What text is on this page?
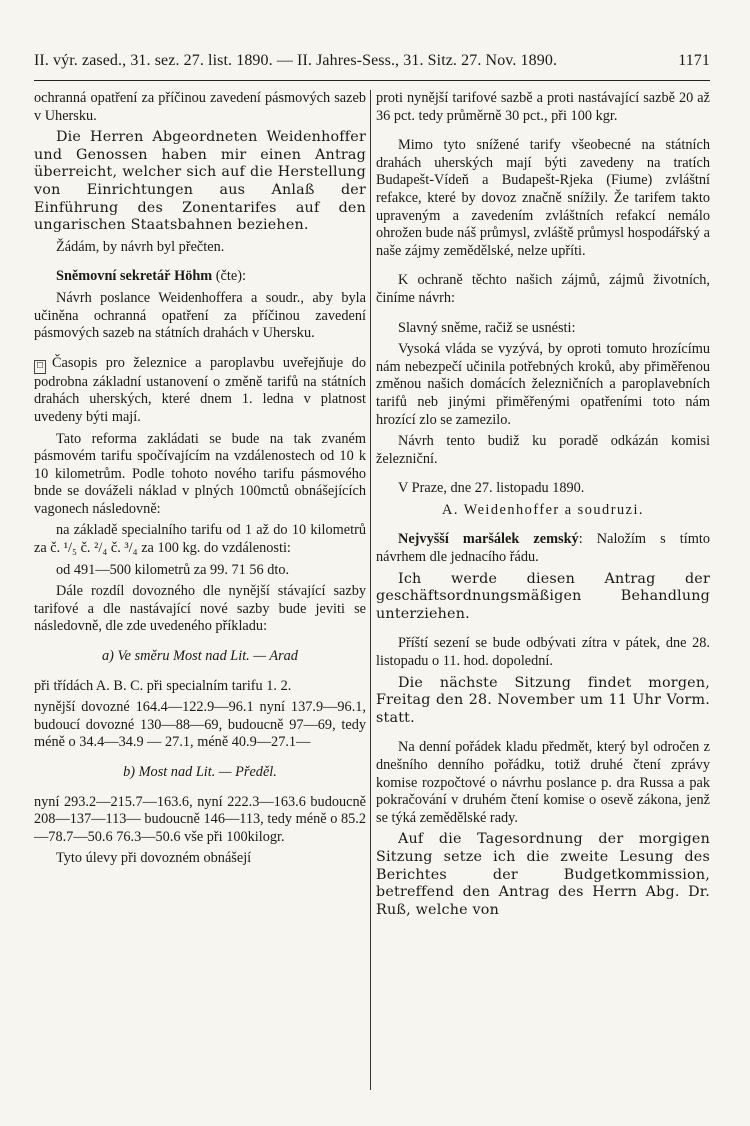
II. výr. zased., 31. sez. 27. list. 1890. — II. Jahres-Sess., 31. Sitz. 27. Nov. 1890.	1171

ochranná opatření za příčinou zavedení pásmových sazeb v Uhersku.

Die Herren Abgeordneten Weidenhoffer und Genossen haben mir einen Antrag überreicht, welcher sich auf die Herstellung von Einrichtungen aus Anlaß der Einführung des Zonentarifes auf den ungarischen Staatsbahnen beziehen.

Žádám, by návrh byl přečten.

Sněmovní sekretář Höhm (čte):

Návrh poslance Weidenhoffera a soudr., aby byla učiněna ochranná opatření za příčinou zavedení pásmových sazeb na státních drahách v Uhersku.

☐ Časopis pro železnice a paroplavbu uveřejňuje do podrobna základní ustanovení o změně tarifů na státních drahách uherských, které dnem 1. ledna v platnost uvedeny býti mají.

Tato reforma zakládati se bude na tak zvaném pásmovém tarifu spočívajícím na vzdálenostech od 10 k 10 kilometrům. Podle tohoto nového tarifu pásmového bnde se dováželi náklad v plných 100mctů obnášejících vagonech následovně:

na základě specialního tarifu od 1 až do 10 kilometrů za č. ¹/₅ č. ²/₄ č. ³/₄ za 100 kg. do vzdálenosti:

od 491—500 kilometrů za 99. 71 56 dto.

Dále rozdíl dovozného dle nynější stávající sazby tarifové a dle nastávající nové sazby bude jeviti se následovně, dle zde uvedeného příkladu:

a) Ve směru Most nad Lit. — Arad

při třídách A. B. C. při specialním tarifu 1. 2.

nynější dovozné 164.4—122.9—96.1 nyní 137.9—96.1, budoucí dovozné 130—88—69, budoucně 97—69, tedy méně o 34.4—34.9 — 27.1, méně 40.9—27.1—

b) Most nad Lit. — Předěl.

nyní 293.2—215.7—163.6, nyní 222.3—163.6 budoucně 208—137—113— budoucně 146—113, tedy méně o 85.2—78.7—50.6 76.3—50.6 vše při 100kilogr.

Tyto úlevy při dovozném obnášejí

proti nynější tarifové sazbě a proti nastávající sazbě 20 až 36 pct. tedy průměrně 30 pct., při 100 kgr.

Mimo tyto snížené tarify všeobecné na státních drahách uherských mají býti zavedeny na tratích Budapešt-Vídeň a Budapešt-Rjeka (Fiume) zvláštní refakce, které by dovoz značně snížily. Že tarifem takto upraveným a zavedením zvláštních refakcí nemálo ohrožen bude náš průmysl, zvláště průmysl hospodářský a naše zájmy zemědělské, nelze upříti.

K ochraně těchto našich zájmů, zájmů životních, činíme návrh:

Slavný sněme, račiž se usnésti:

Vysoká vláda se vyzývá, by oproti tomuto hrozícímu nám nebezpečí učinila potřebných kroků, aby přiměřenou změnou našich domácích železničních a paroplavebních tarifů neb jinými přiměřenými opatřeními toto nám hrozící zlo se zamezilo.

Návrh tento budiž ku poradě odkázán komisi železniční.

V Praze, dne 27. listopadu 1890.

A. Weidenhoffer a soudruzi.

Nejvyšší maršálek zemský: Naložím s tímto návrhem dle jednacího řádu.

Ich werde diesen Antrag der geschäftsordnungsmäßigen Behandlung unterziehen.

Příští sezení se bude odbývati zítra v pátek, dne 28. listopadu o 11. hod. dopolední.

Die nächste Sitzung findet morgen, Freitag den 28. November um 11 Uhr Vorm. statt.

Na denní pořádek kladu předmět, který byl odročen z dnešního denního pořádku, totiž druhé čtení zprávy komise rozpočtové o návrhu poslance p. dra Russa a pak pokračování v druhém čtení komise o osevě zákona, jenž se týká zemědělské rady.

Auf die Tagesordnung der morgigen Sitzung setze ich die zweite Lesung des Berichtes der Budgetkommission, betreffend den Antrag des Herrn Abg. Dr. Ruß, welche von
